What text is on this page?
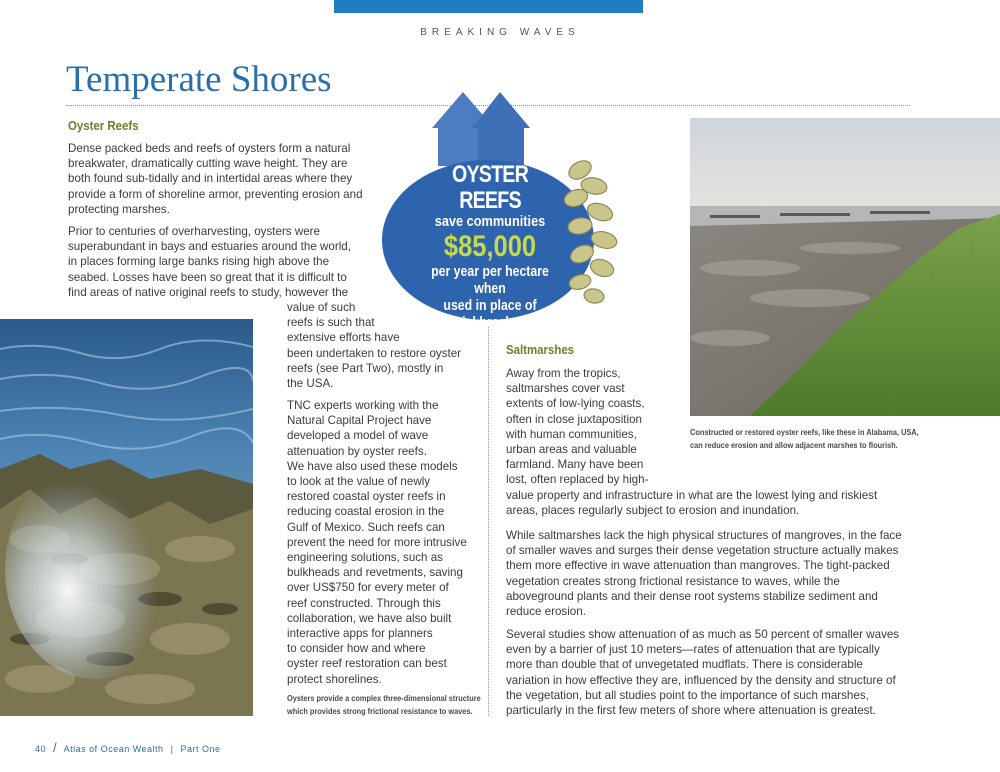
BREAKING WAVES
Temperate Shores
Oyster Reefs

Dense packed beds and reefs of oysters form a natural breakwater, dramatically cutting wave height. They are both found sub-tidally and in intertidal areas where they provide a form of shoreline armor, preventing erosion and protecting marshes.

Prior to centuries of overharvesting, oysters were
superabundant in bays and estuaries around the world,
in places forming large banks rising high above the
seabed. Losses have been so great that it is difficult to
find areas of native original reefs to study, however the
value of such
reefs is such that
extensive efforts have
been undertaken to restore oyster
reefs (see Part Two), mostly in
the USA.
TNC experts working with the
Natural Capital Project have
developed a model of wave
attenuation by oyster reefs.
We have also used these models
to look at the value of newly
restored coastal oyster reefs in
reducing coastal erosion in the
Gulf of Mexico. Such reefs can
prevent the need for more intrusive
engineering solutions, such as
bulkheads and revetments, saving
over US$750 for every meter of
reef constructed. Through this
collaboration, we have also built
interactive apps for planners
to consider how and where
oyster reef restoration can best
protect shorelines.
Oysters provide a complex three-dimensional structure
which provides strong frictional resistance to waves.
OYSTER REEFS
save communities
$85,000
per year per hectare when
used in place of
artificial breakwaters
Constructed or restored oyster reefs, like these in Alabama, USA,
can reduce erosion and allow adjacent marshes to flourish.
Saltmarshes
Away from the tropics,
saltmarshes cover vast
extents of low-lying coasts,
often in close juxtaposition
with human communities,
urban areas and valuable
farmland. Many have been
lost, often replaced by high-
value property and infrastructure in what are the lowest lying and riskiest
areas, places regularly subject to erosion and inundation.

While saltmarshes lack the high physical structures of mangroves, in the face of smaller waves and surges their dense vegetation structure actually makes them more effective in wave attenuation than mangroves. The tight-packed vegetation creates strong frictional resistance to waves, while the aboveground plants and their dense root systems stabilize sediment and reduce erosion.

Several studies show attenuation of as much as 50 percent of smaller waves even by a barrier of just 10 meters—rates of attenuation that are typically more than double that of unvegetated mudflats. There is considerable variation in how effective they are, influenced by the density and structure of the vegetation, but all studies point to the importance of such marshes, particularly in the first few meters of shore where attenuation is greatest.

40 / Atlas of Ocean Wealth | Part One
